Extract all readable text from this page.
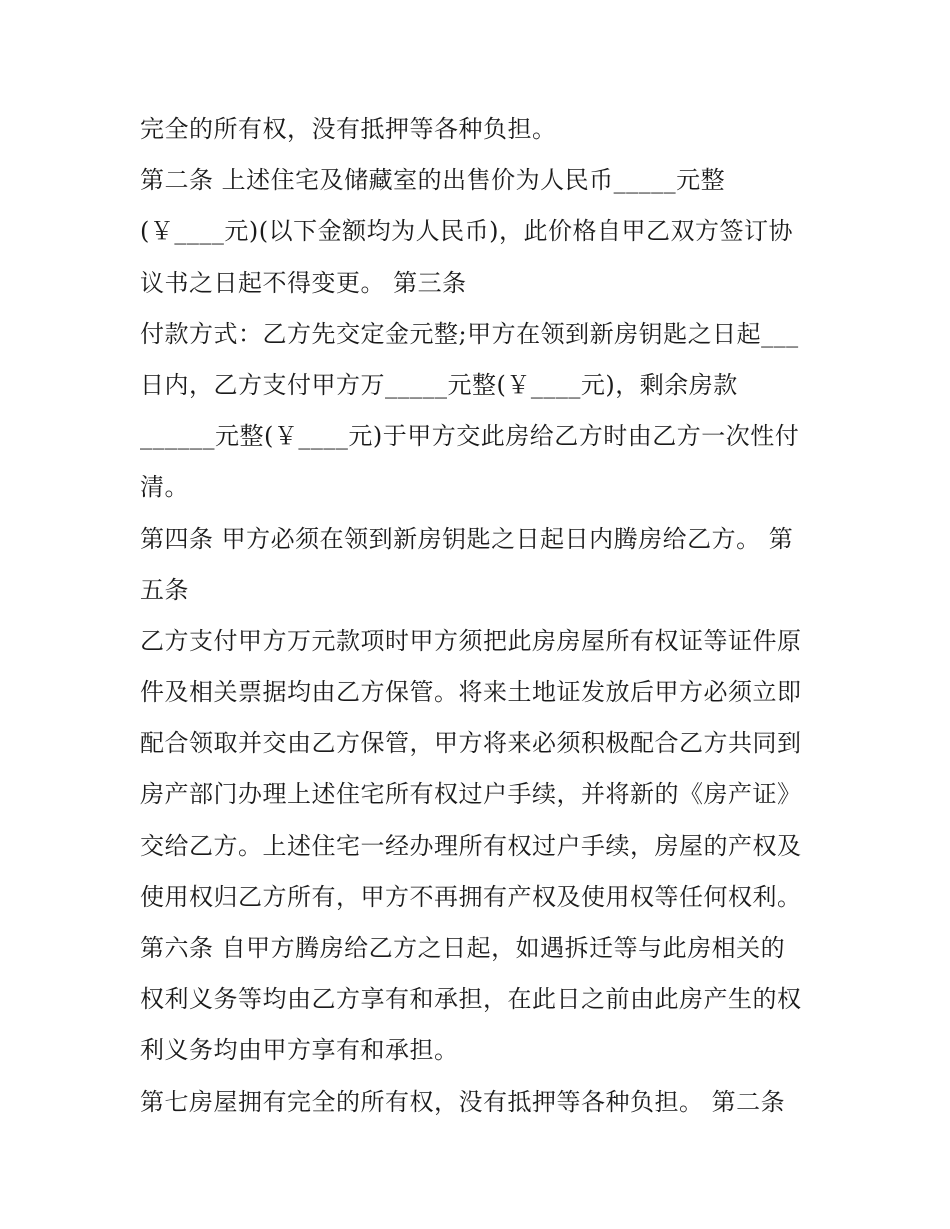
完全的所有权，没有抵押等各种负担。
第二条 上述住宅及储藏室的出售价为人民币_____元整
(￥____元)(以下金额均为人民币)，此价格自甲乙双方签订协
议书之日起不得变更。 第三条
付款方式：乙方先交定金元整;甲方在领到新房钥匙之日起___
日内，乙方支付甲方万_____元整(￥____元)，剩余房款
______元整(￥____元)于甲方交此房给乙方时由乙方一次性付
清。
第四条 甲方必须在领到新房钥匙之日起日内腾房给乙方。 第
五条
乙方支付甲方万元款项时甲方须把此房房屋所有权证等证件原
件及相关票据均由乙方保管。将来土地证发放后甲方必须立即
配合领取并交由乙方保管，甲方将来必须积极配合乙方共同到
房产部门办理上述住宅所有权过户手续，并将新的《房产证》
交给乙方。上述住宅一经办理所有权过户手续，房屋的产权及
使用权归乙方所有，甲方不再拥有产权及使用权等任何权利。
第六条 自甲方腾房给乙方之日起，如遇拆迁等与此房相关的
权利义务等均由乙方享有和承担，在此日之前由此房产生的权
利义务均由甲方享有和承担。
第七房屋拥有完全的所有权，没有抵押等各种负担。 第二条
